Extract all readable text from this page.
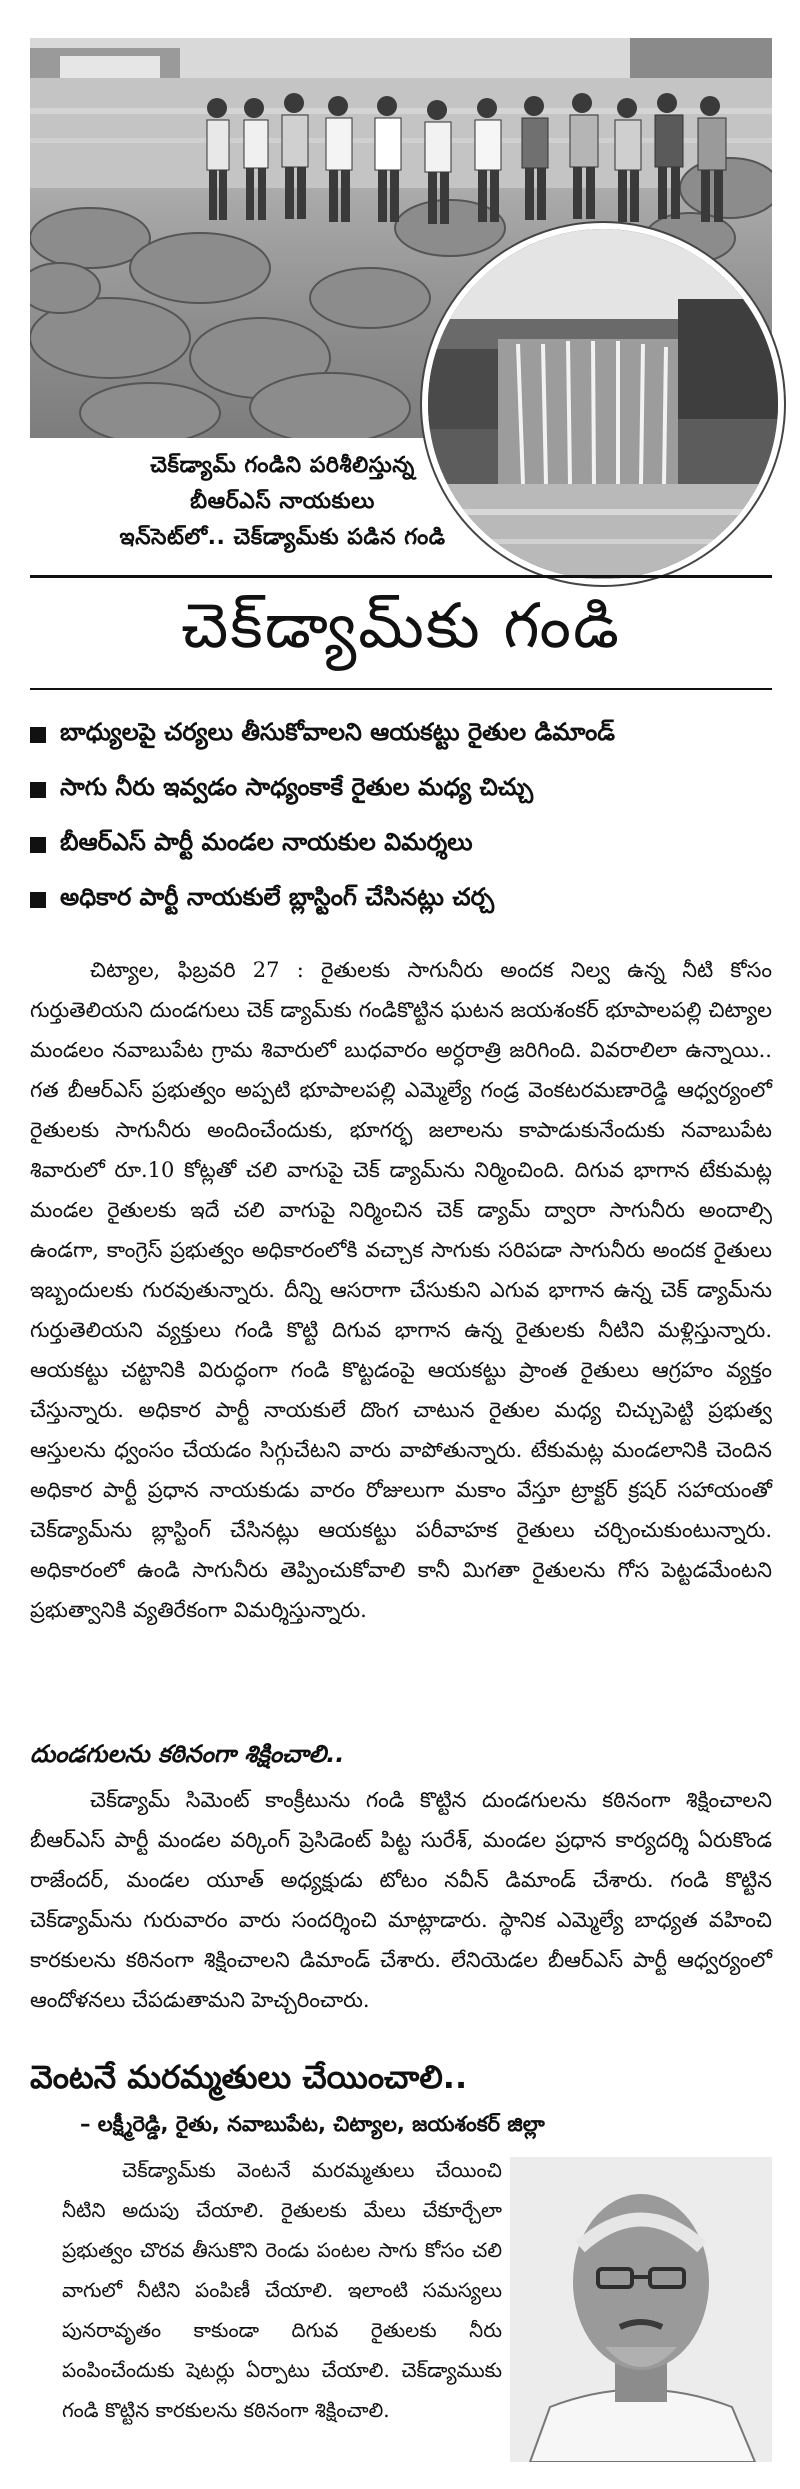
చెక్‌డ్యామ్ గండిని పరిశీలిస్తున్న
బీఆర్‌ఎస్ నాయకులు
ఇన్‌సెట్‌లో.. చెక్‌డ్యామ్‌కు పడిన గండి
చెక్‌డ్యామ్‌కు గండి
బాధ్యులపై చర్యలు తీసుకోవాలని ఆయకట్టు రైతుల డిమాండ్
సాగు నీరు ఇవ్వడం సాధ్యంకాకే రైతుల మధ్య చిచ్చు
బీఆర్‌ఎస్ పార్టీ మండల నాయకుల విమర్శలు
అధికార పార్టీ నాయకులే బ్లాస్టింగ్ చేసినట్లు చర్చ

చిట్యాల, ఫిబ్రవరి 27 : రైతులకు సాగునీరు అందక నిల్వ ఉన్న నీటి కోసం గుర్తుతెలియని దుండగులు చెక్ డ్యామ్‌కు గండికొట్టిన ఘటన జయశంకర్ భూపాలపల్లి చిట్యాల మండలం నవాబుపేట గ్రామ శివారులో బుధవారం అర్ధరాత్రి జరిగింది. వివరాలిలా ఉన్నాయి.. గత బీఆర్‌ఎస్ ప్రభుత్వం అప్పటి భూపాలపల్లి ఎమ్మెల్యే గండ్ర వెంకటరమణారెడ్డి ఆధ్వర్యంలో రైతులకు సాగునీరు అందించేందుకు, భూగర్భ జలాలను కాపాడుకునేందుకు నవాబుపేట శివారులో రూ.10 కోట్లతో చలి వాగుపై చెక్ డ్యామ్‌ను నిర్మించింది. దిగువ భాగాన టేకుమట్ల మండల రైతులకు ఇదే చలి వాగుపై నిర్మించిన చెక్ డ్యామ్ ద్వారా సాగునీరు అందాల్సి ఉండగా, కాంగ్రెస్ ప్రభుత్వం అధికారంలోకి వచ్చాక సాగుకు సరిపడా సాగునీరు అందక రైతులు ఇబ్బందులకు గురవుతున్నారు. దీన్ని ఆసరాగా చేసుకుని ఎగువ భాగాన ఉన్న చెక్ డ్యామ్‌ను గుర్తుతెలియని వ్యక్తులు గండి కొట్టి దిగువ భాగాన ఉన్న రైతులకు నీటిని మళ్లిస్తున్నారు. ఆయకట్టు చట్టానికి విరుద్ధంగా గండి కొట్టడంపై ఆయకట్టు ప్రాంత రైతులు ఆగ్రహం వ్యక్తం చేస్తున్నారు. అధికార పార్టీ నాయకులే దొంగ చాటున రైతుల మధ్య చిచ్చుపెట్టి ప్రభుత్వ ఆస్తులను ధ్వంసం చేయడం సిగ్గుచేటని వారు వాపోతున్నారు. టేకుమట్ల మండలానికి చెందిన అధికార పార్టీ ప్రధాన నాయకుడు వారం రోజులుగా మకాం వేస్తూ ట్రాక్టర్ క్రషర్ సహాయంతో చెక్‌డ్యామ్‌ను బ్లాస్టింగ్ చేసినట్లు ఆయకట్టు పరీవాహక రైతులు చర్చించుకుంటున్నారు. అధికారంలో ఉండి సాగునీరు తెప్పించుకోవాలి కానీ మిగతా రైతులను గోస పెట్టడమేంటని ప్రభుత్వానికి వ్యతిరేకంగా విమర్శిస్తున్నారు.

దుండగులను కఠినంగా శిక్షించాలి..

చెక్‌డ్యామ్ సిమెంట్ కాంక్రీటును గండి కొట్టిన దుండగులను కఠినంగా శిక్షించాలని బీఆర్‌ఎస్ పార్టీ మండల వర్కింగ్ ప్రెసిడెంట్ పిట్ట సురేశ్, మండల ప్రధాన కార్యదర్శి ఏరుకొండ రాజేందర్, మండల యూత్ అధ్యక్షుడు టోటం నవీన్ డిమాండ్ చేశారు. గండి కొట్టిన చెక్‌డ్యామ్‌ను గురువారం వారు సందర్శించి మాట్లాడారు. స్థానిక ఎమ్మెల్యే బాధ్యత వహించి కారకులను కఠినంగా శిక్షించాలని డిమాండ్ చేశారు. లేనియెడల బీఆర్‌ఎస్ పార్టీ ఆధ్వర్యంలో ఆందోళనలు చేపడుతామని హెచ్చరించారు.

వెంటనే మరమ్మతులు చేయించాలి..
– లక్ష్మీరెడ్డి, రైతు, నవాబుపేట, చిట్యాల, జయశంకర్ జిల్లా

చెక్‌డ్యామ్‌కు వెంటనే మరమ్మతులు చేయించి నీటిని అదుపు చేయాలి. రైతులకు మేలు చేకూర్చేలా ప్రభుత్వం చొరవ తీసుకొని రెండు పంటల సాగు కోసం చలి వాగులో నీటిని పంపిణీ చేయాలి. ఇలాంటి సమస్యలు పునరావృతం కాకుండా దిగువ రైతులకు నీరు పంపించేందుకు షెటర్లు ఏర్పాటు చేయాలి. చెక్‌డ్యాముకు గండి కొట్టిన కారకులను కఠినంగా శిక్షించాలి.
